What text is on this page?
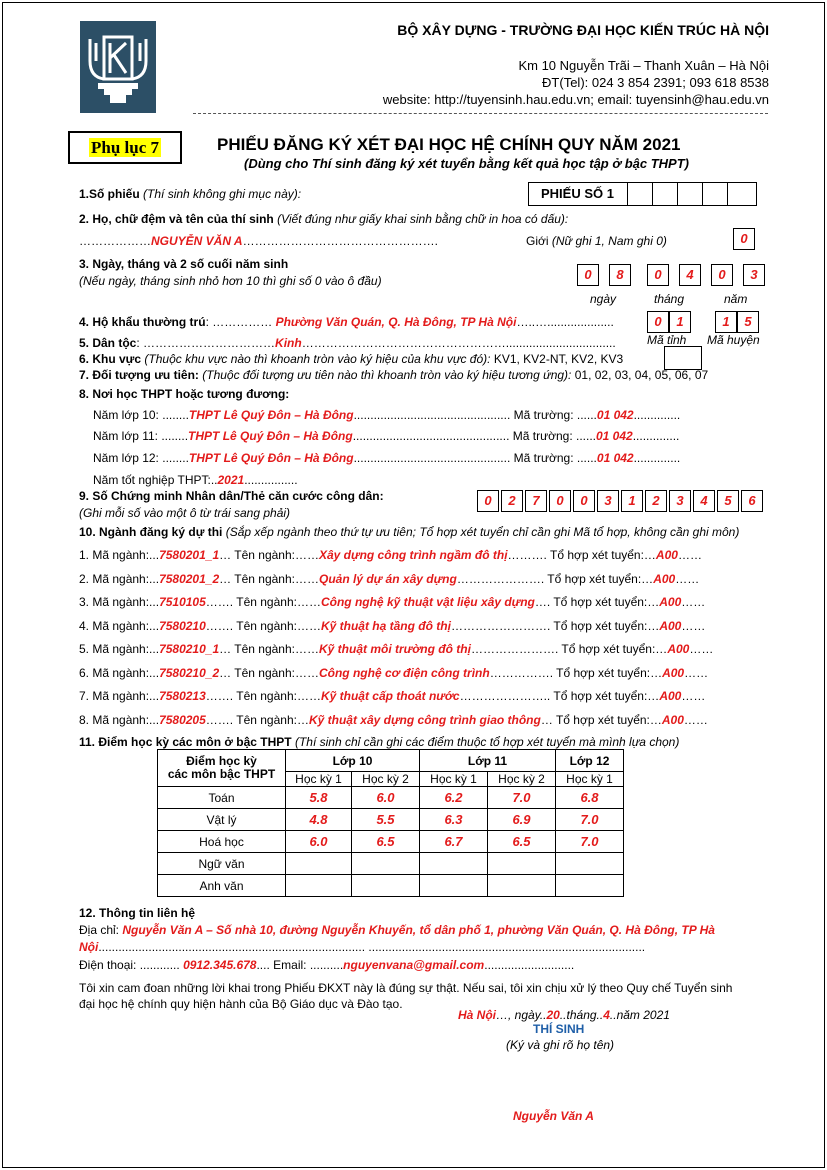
BỘ XÂY DỰNG - TRƯỜNG ĐẠI HỌC KIẾN TRÚC HÀ NỘI
Km 10 Nguyễn Trãi – Thanh Xuân – Hà Nội
ĐT(Tel): 024 3 854 2391; 093 618 8538
website: http://tuyensinh.hau.edu.vn; email: tuyensinh@hau.edu.vn
Phụ lục 7	PHIẾU ĐĂNG KÝ XÉT ĐẠI HỌC HỆ CHÍNH QUY NĂM 2021
(Dùng cho Thí sinh đăng ký xét tuyển bằng kết quả học tập ở bậc THPT)
1.Số phiếu (Thí sinh không ghi mục này):	PHIẾU SỐ 1
2. Họ, chữ đệm và tên của thí sinh (Viết đúng như giấy khai sinh bằng chữ in hoa có dấu):
………………NGUYỄN VĂN A………………………………………….	Giới (Nữ ghi 1, Nam ghi 0)	0
3. Ngày, tháng và 2 số cuối năm sinh
(Nếu ngày, tháng sinh nhỏ hơn 10 thì ghi số 0 vào ô đầu)	0	8	0	4	0	3
ngày	tháng	năm
4. Hộ khẩu thường trú: …………… Phường Văn Quán, Q. Hà Đông, TP Hà Nội…..…....................	0	1	1	5
Mã tỉnh Mã huyện
5. Dân tộc: ……………………………Kinh…………………………………………….................................
6. Khu vực (Thuộc khu vực nào thì khoanh tròn vào ký hiệu của khu vực đó): KV1, KV2-NT, KV2, KV3
7. Đối tượng ưu tiên: (Thuộc đối tượng ưu tiên nào thì khoanh tròn vào ký hiệu tương ứng): 01, 02, 03, 04, 05, 06, 07
8. Nơi học THPT hoặc tương đương:
Năm lớp 10: ........THPT Lê Quý Đôn – Hà Đông............................................... Mã trường: ......01 042..............
Năm lớp 11: ........THPT Lê Quý Đôn – Hà Đông............................................... Mã trường: ......01 042..............
Năm lớp 12: ........THPT Lê Quý Đôn – Hà Đông............................................... Mã trường: ......01 042..............
Năm tốt nghiệp THPT:..2021................
9. Số Chứng minh Nhân dân/Thẻ căn cước công dân:
(Ghi mỗi số vào một ô từ trái sang phải)
0	2	7	0	0	3	1	2	3	4	5	6
10. Ngành đăng ký dự thi (Sắp xếp ngành theo thứ tự ưu tiên; Tổ hợp xét tuyển chỉ cần ghi Mã tổ hợp, không cần ghi môn)
1. Mã ngành:...7580201_1… Tên ngành:……Xây dựng công trình ngầm đô thị………. Tổ hợp xét tuyển:…A00……
2. Mã ngành:...7580201_2… Tên ngành:……Quản lý dự án xây dựng…………………. Tổ hợp xét tuyển:…A00……
3. Mã ngành:...7510105……. Tên ngành:……Công nghệ kỹ thuật vật liệu xây dựng…. Tổ hợp xét tuyển:…A00……
4. Mã ngành:...7580210……. Tên ngành:……Kỹ thuật hạ tầng đô thị……………………. Tổ hợp xét tuyển:…A00……
5. Mã ngành:...7580210_1… Tên ngành:……Kỹ thuật môi trường đô thị…………………. Tổ hợp xét tuyển:…A00……
6. Mã ngành:...7580210_2… Tên ngành:……Công nghệ cơ điện công trình……………. Tổ hợp xét tuyển:…A00……
7. Mã ngành:...7580213……. Tên ngành:……Kỹ thuật cấp thoát nước………………….. Tổ hợp xét tuyển:…A00……
8. Mã ngành:...7580205……. Tên ngành:…Kỹ thuật xây dựng công trình giao thông… Tổ hợp xét tuyển:…A00……
11. Điểm học kỳ các môn ở bậc THPT (Thí sinh chỉ cần ghi các điểm thuộc tổ hợp xét tuyển mà mình lựa chọn)
Điểm học kỳ
các môn bậc THPT	Lớp 10		Lớp 11		Lớp 12
	Học kỳ 1	Học kỳ 2	Học kỳ 1	Học kỳ 2	Học kỳ 1
Toán	5.8	6.0	6.2	7.0	6.8
Vật lý	4.8	5.5	6.3	6.9	7.0
Hoá học	6.0	6.5	6.7	6.5	7.0
Ngữ văn					
Anh văn					
12. Thông tin liên hệ
Địa chỉ: Nguyễn Văn A – Số nhà 10, đường Nguyễn Khuyến, tổ dân phố 1, phường Văn Quán, Q. Hà Đông, TP Hà
Nội................................................................................ ...................................................................................
Điện thoại: ............ 0912.345.678.... Email: ..........nguyenvana@gmail.com...........................
Tôi xin cam đoan những lời khai trong Phiếu ĐKXT này là đúng sự thật. Nếu sai, tôi xin chịu xử lý theo Quy chế Tuyển sinh
đại học hệ chính quy hiện hành của Bộ Giáo dục và Đào tạo.
Hà Nội…, ngày..20..tháng..4..năm 2021
THÍ SINH
(Ký và ghi rõ họ tên)
Nguyễn Văn A
